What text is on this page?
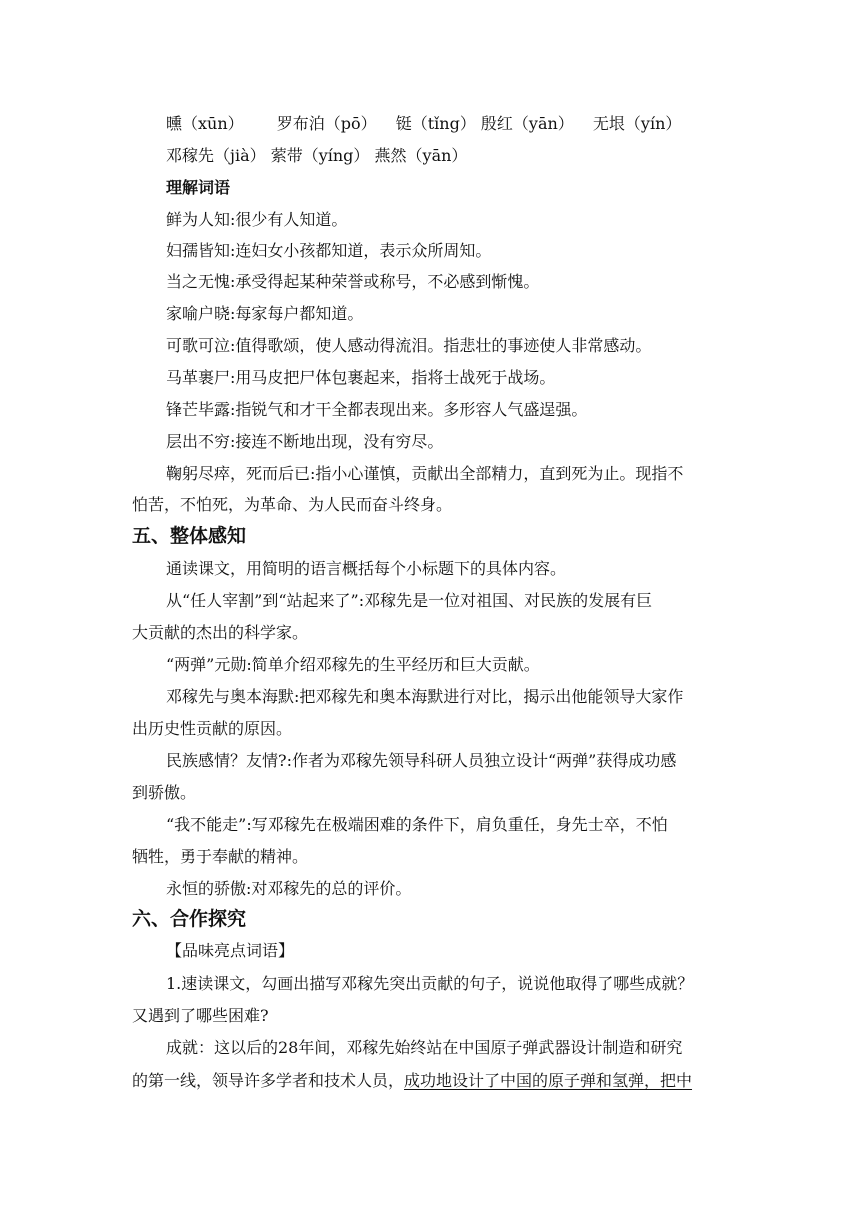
曛（xūn） 罗布泊（pō） 铤（tǐng） 殷红（yān） 无垠（yín）
邓稼先（jià） 萦带（yíng） 燕然（yān）
理解词语
鲜为人知:很少有人知道。
妇孺皆知:连妇女小孩都知道，表示众所周知。
当之无愧:承受得起某种荣誉或称号，不必感到惭愧。
家喻户晓:每家每户都知道。
可歌可泣:值得歌颂，使人感动得流泪。指悲壮的事迹使人非常感动。
马革裹尸:用马皮把尸体包裹起来，指将士战死于战场。
锋芒毕露:指锐气和才干全都表现出来。多形容人气盛逞强。
层出不穷:接连不断地出现，没有穷尽。
鞠躬尽瘁，死而后已:指小心谨慎，贡献出全部精力，直到死为止。现指不
怕苦，不怕死，为革命、为人民而奋斗终身。
五、整体感知
通读课文，用简明的语言概括每个小标题下的具体内容。
从“任人宰割”到“站起来了”:邓稼先是一位对祖国、对民族的发展有巨
大贡献的杰出的科学家。
“两弹”元勋:简单介绍邓稼先的生平经历和巨大贡献。
邓稼先与奥本海默:把邓稼先和奥本海默进行对比，揭示出他能领导大家作
出历史性贡献的原因。
民族感情？友情?:作者为邓稼先领导科研人员独立设计“两弹”获得成功感
到骄傲。
“我不能走”:写邓稼先在极端困难的条件下，肩负重任，身先士卒，不怕
牺牲，勇于奉献的精神。
永恒的骄傲:对邓稼先的总的评价。
六、合作探究
【品味亮点词语】
1.速读课文，勾画出描写邓稼先突出贡献的句子，说说他取得了哪些成就？
又遇到了哪些困难?
成就：这以后的28年间，邓稼先始终站在中国原子弹武器设计制造和研究
的第一线，领导许多学者和技术人员，成功地设计了中国的原子弹和氢弹，把中
